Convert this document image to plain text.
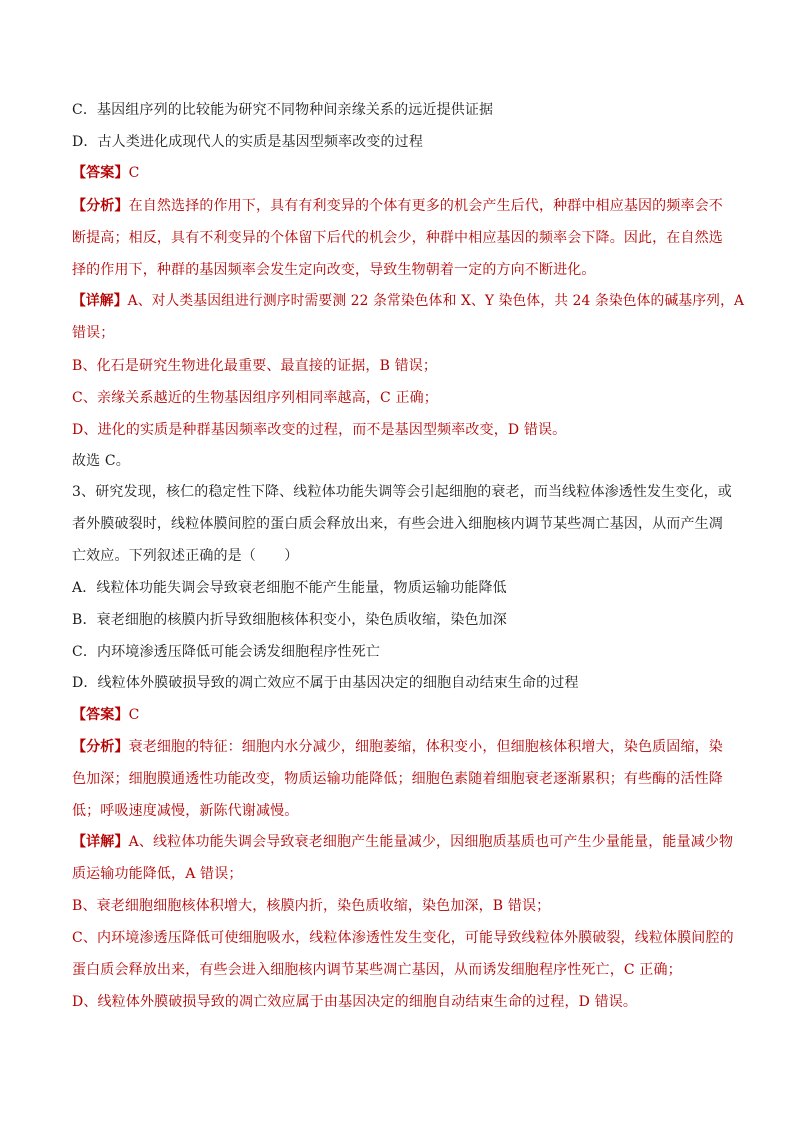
C．基因组序列的比较能为研究不同物种间亲缘关系的远近提供证据
D．古人类进化成现代人的实质是基因型频率改变的过程
【答案】C
【分析】在自然选择的作用下，具有有利变异的个体有更多的机会产生后代，种群中相应基因的频率会不
断提高；相反，具有不利变异的个体留下后代的机会少，种群中相应基因的频率会下降。因此，在自然选
择的作用下，种群的基因频率会发生定向改变，导致生物朝着一定的方向不断进化。
【详解】A、对人类基因组进行测序时需要测 22 条常染色体和 X、Y 染色体，共 24 条染色体的碱基序列，A
错误；
B、化石是研究生物进化最重要、最直接的证据，B 错误；
C、亲缘关系越近的生物基因组序列相同率越高，C 正确；
D、进化的实质是种群基因频率改变的过程，而不是基因型频率改变，D 错误。
故选 C。
3、研究发现，核仁的稳定性下降、线粒体功能失调等会引起细胞的衰老，而当线粒体渗透性发生变化，或
者外膜破裂时，线粒体膜间腔的蛋白质会释放出来，有些会进入细胞核内调节某些凋亡基因，从而产生凋
亡效应。下列叙述正确的是（　　）
A．线粒体功能失调会导致衰老细胞不能产生能量，物质运输功能降低
B．衰老细胞的核膜内折导致细胞核体积变小，染色质收缩，染色加深
C．内环境渗透压降低可能会诱发细胞程序性死亡
D．线粒体外膜破损导致的凋亡效应不属于由基因决定的细胞自动结束生命的过程
【答案】C
【分析】衰老细胞的特征：细胞内水分减少，细胞萎缩，体积变小，但细胞核体积增大，染色质固缩，染
色加深；细胞膜通透性功能改变，物质运输功能降低；细胞色素随着细胞衰老逐渐累积；有些酶的活性降
低；呼吸速度减慢，新陈代谢减慢。
【详解】A、线粒体功能失调会导致衰老细胞产生能量减少，因细胞质基质也可产生少量能量，能量减少物
质运输功能降低，A 错误；
B、衰老细胞细胞核体积增大，核膜内折，染色质收缩，染色加深，B 错误；
C、内环境渗透压降低可使细胞吸水，线粒体渗透性发生变化，可能导致线粒体外膜破裂，线粒体膜间腔的
蛋白质会释放出来，有些会进入细胞核内调节某些凋亡基因，从而诱发细胞程序性死亡，C 正确；
D、线粒体外膜破损导致的凋亡效应属于由基因决定的细胞自动结束生命的过程，D 错误。
